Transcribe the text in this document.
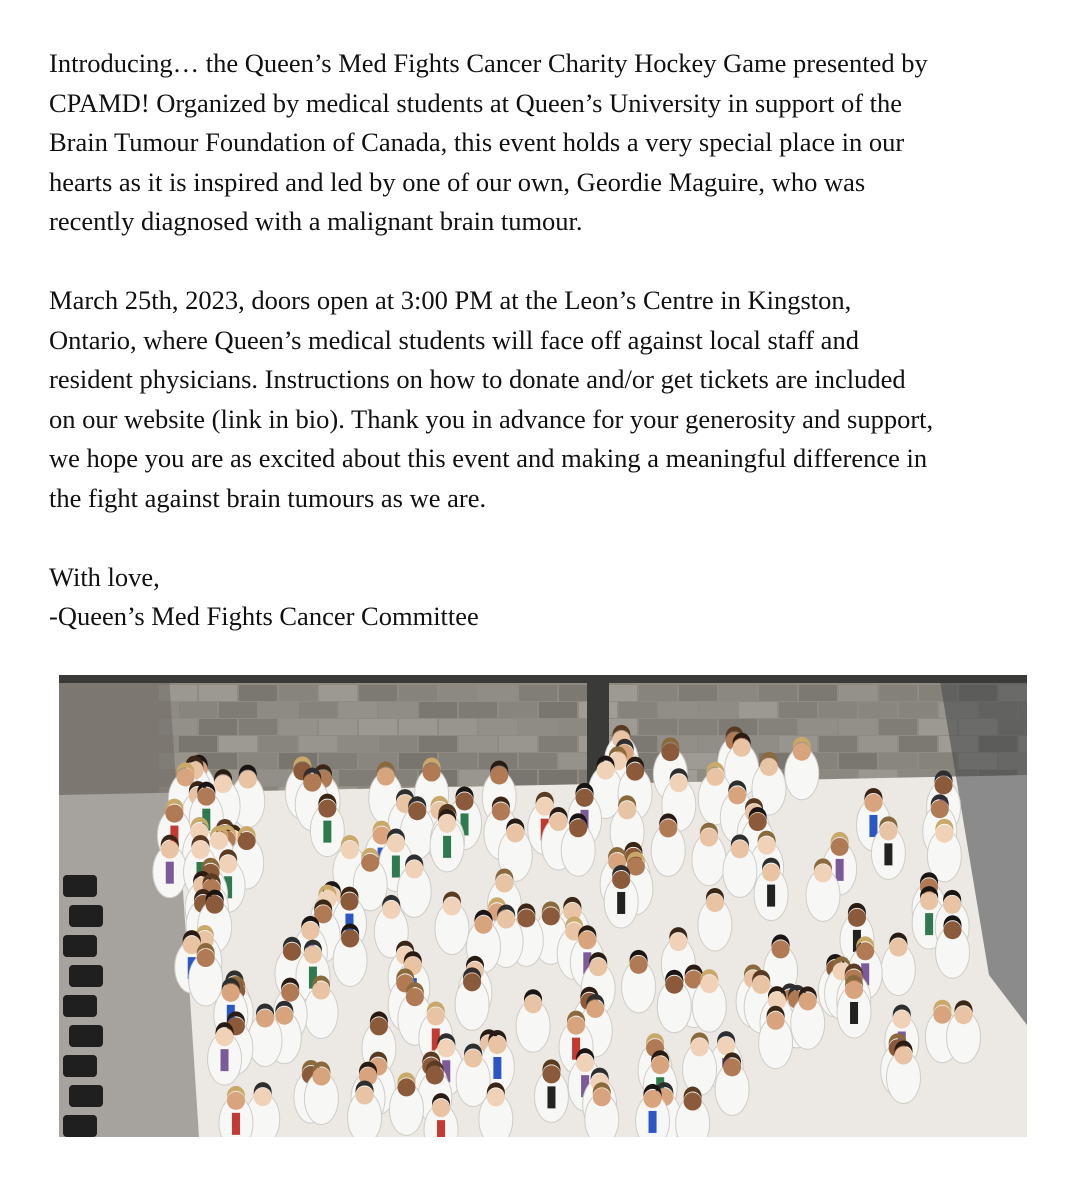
Introducing… the Queen’s Med Fights Cancer Charity Hockey Game presented by
CPAMD! Organized by medical students at Queen’s University in support of the
Brain Tumour Foundation of Canada, this event holds a very special place in our
hearts as it is inspired and led by one of our own, Geordie Maguire, who was
recently diagnosed with a malignant brain tumour.

March 25th, 2023, doors open at 3:00 PM at the Leon’s Centre in Kingston,
Ontario, where Queen’s medical students will face off against local staff and
resident physicians. Instructions on how to donate and/or get tickets are included
on our website (link in bio). Thank you in advance for your generosity and support,
we hope you are as excited about this event and making a meaningful difference in
the fight against brain tumours as we are.

With love,
-Queen’s Med Fights Cancer Committee
